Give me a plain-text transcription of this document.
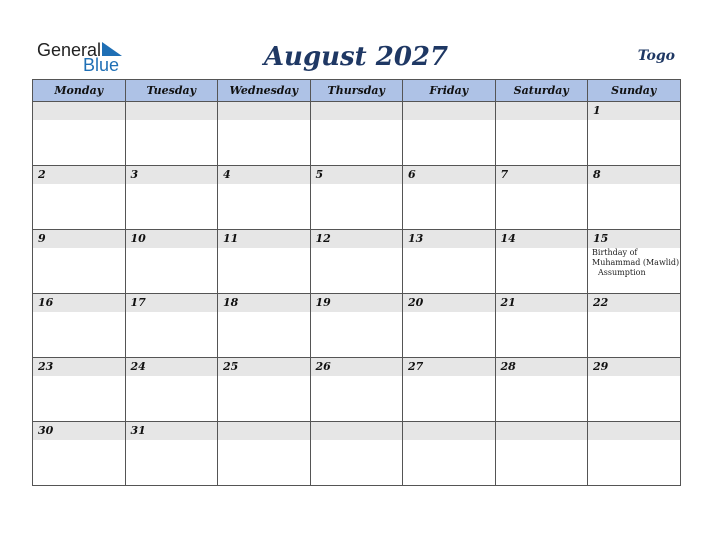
General
Blue	August 2027	Togo
Monday	Tuesday	Wednesday	Thursday	Friday	Saturday	Sunday

						1

2	3	4	5	6	7	8

9	10	11	12	13	14	15
Birthday of Muhammad (Mawlid)
Assumption

16	17	18	19	20	21	22

23	24	25	26	27	28	29

30	31					
